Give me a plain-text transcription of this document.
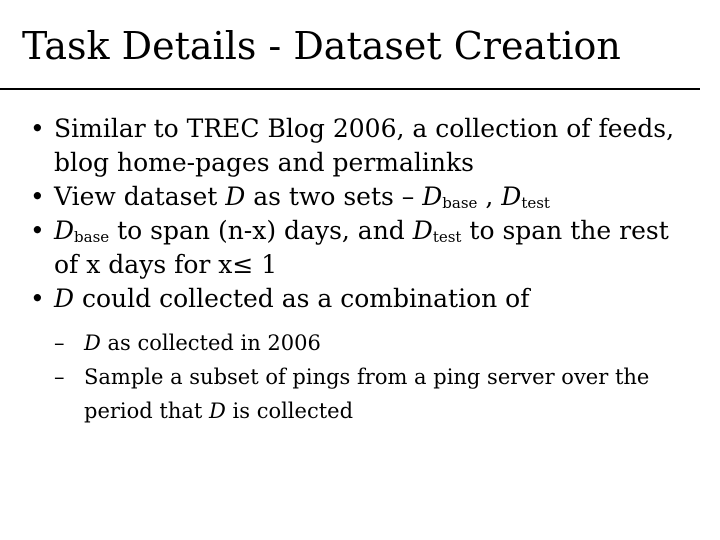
Task Details - Dataset Creation
• Similar to TREC Blog 2006, a collection of feeds, blog home-pages and permalinks
• View dataset D as two sets – $D_{base}$ , $D_{test}$
• $D_{base}$ to span (n-x) days, and $D_{test}$ to span the rest of x days for x≤ 1
• D could collected as a combination of
– D as collected in 2006
– Sample a subset of pings from a ping server over the period that D is collected
